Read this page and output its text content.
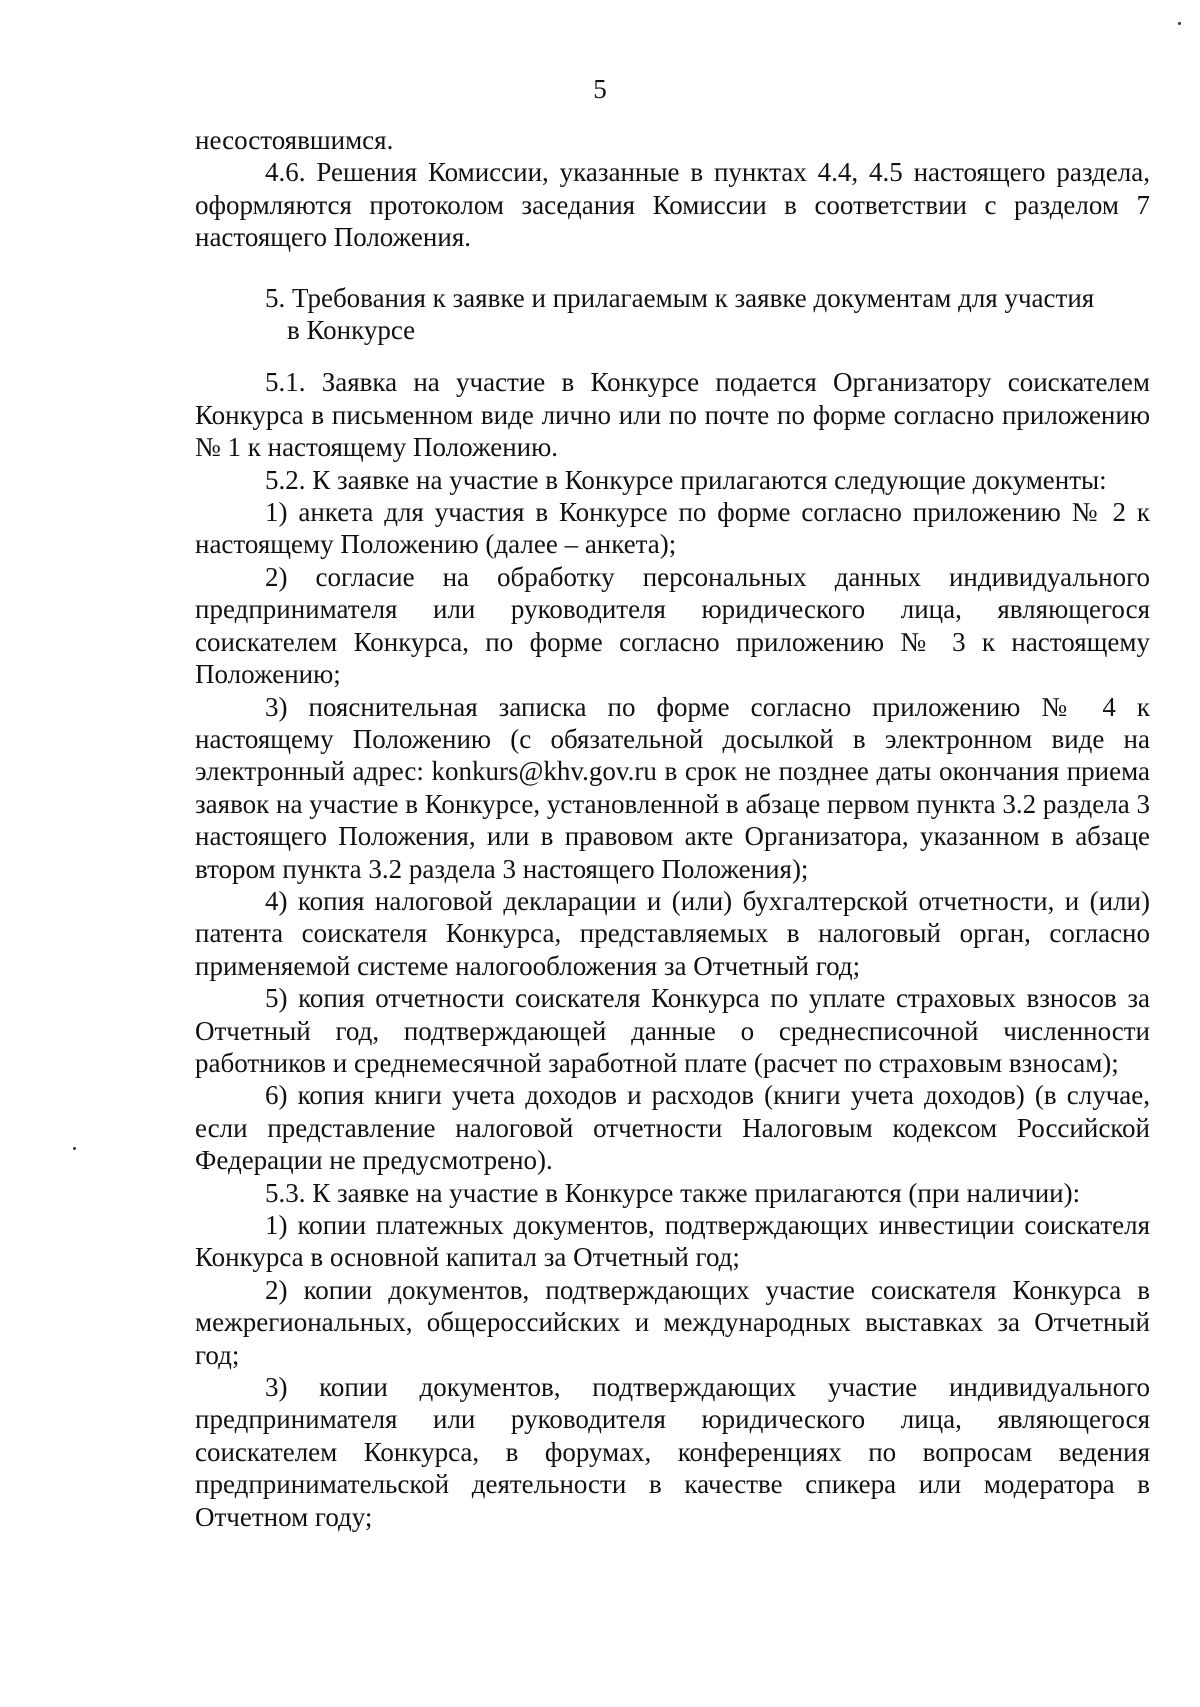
5

несостоявшимся.

4.6. Решения Комиссии, указанные в пунктах 4.4, 4.5 настоящего раздела, оформляются протоколом заседания Комиссии в соответствии с разделом 7 настоящего Положения.

5. Требования к заявке и прилагаемым к заявке документам для участия
в Конкурсе

5.1. Заявка на участие в Конкурсе подается Организатору соискателем Конкурса в письменном виде лично или по почте по форме согласно приложению № 1 к настоящему Положению.

5.2. К заявке на участие в Конкурсе прилагаются следующие документы:

1) анкета для участия в Конкурсе по форме согласно приложению № 2 к настоящему Положению (далее – анкета);

2) согласие на обработку персональных данных индивидуального предпринимателя или руководителя юридического лица, являющегося соискателем Конкурса, по форме согласно приложению № 3 к настоящему Положению;

3) пояснительная записка по форме согласно приложению № 4 к настоящему Положению (с обязательной досылкой в электронном виде на электронный адрес: konkurs@khv.gov.ru в срок не позднее даты окончания приема заявок на участие в Конкурсе, установленной в абзаце первом пункта 3.2 раздела 3 настоящего Положения, или в правовом акте Организатора, указанном в абзаце втором пункта 3.2 раздела 3 настоящего Положения);

4) копия налоговой декларации и (или) бухгалтерской отчетности, и (или) патента соискателя Конкурса, представляемых в налоговый орган, согласно применяемой системе налогообложения за Отчетный год;

5) копия отчетности соискателя Конкурса по уплате страховых взносов за Отчетный год, подтверждающей данные о среднесписочной численности работников и среднемесячной заработной плате (расчет по страховым взносам);

6) копия книги учета доходов и расходов (книги учета доходов) (в случае, если представление налоговой отчетности Налоговым кодексом Российской Федерации не предусмотрено).

5.3. К заявке на участие в Конкурсе также прилагаются (при наличии):

1) копии платежных документов, подтверждающих инвестиции соискателя Конкурса в основной капитал за Отчетный год;

2) копии документов, подтверждающих участие соискателя Конкурса в межрегиональных, общероссийских и международных выставках за Отчетный год;

3) копии документов, подтверждающих участие индивидуального предпринимателя или руководителя юридического лица, являющегося соискателем Конкурса, в форумах, конференциях по вопросам ведения предпринимательской деятельности в качестве спикера или модератора в Отчетном году;
